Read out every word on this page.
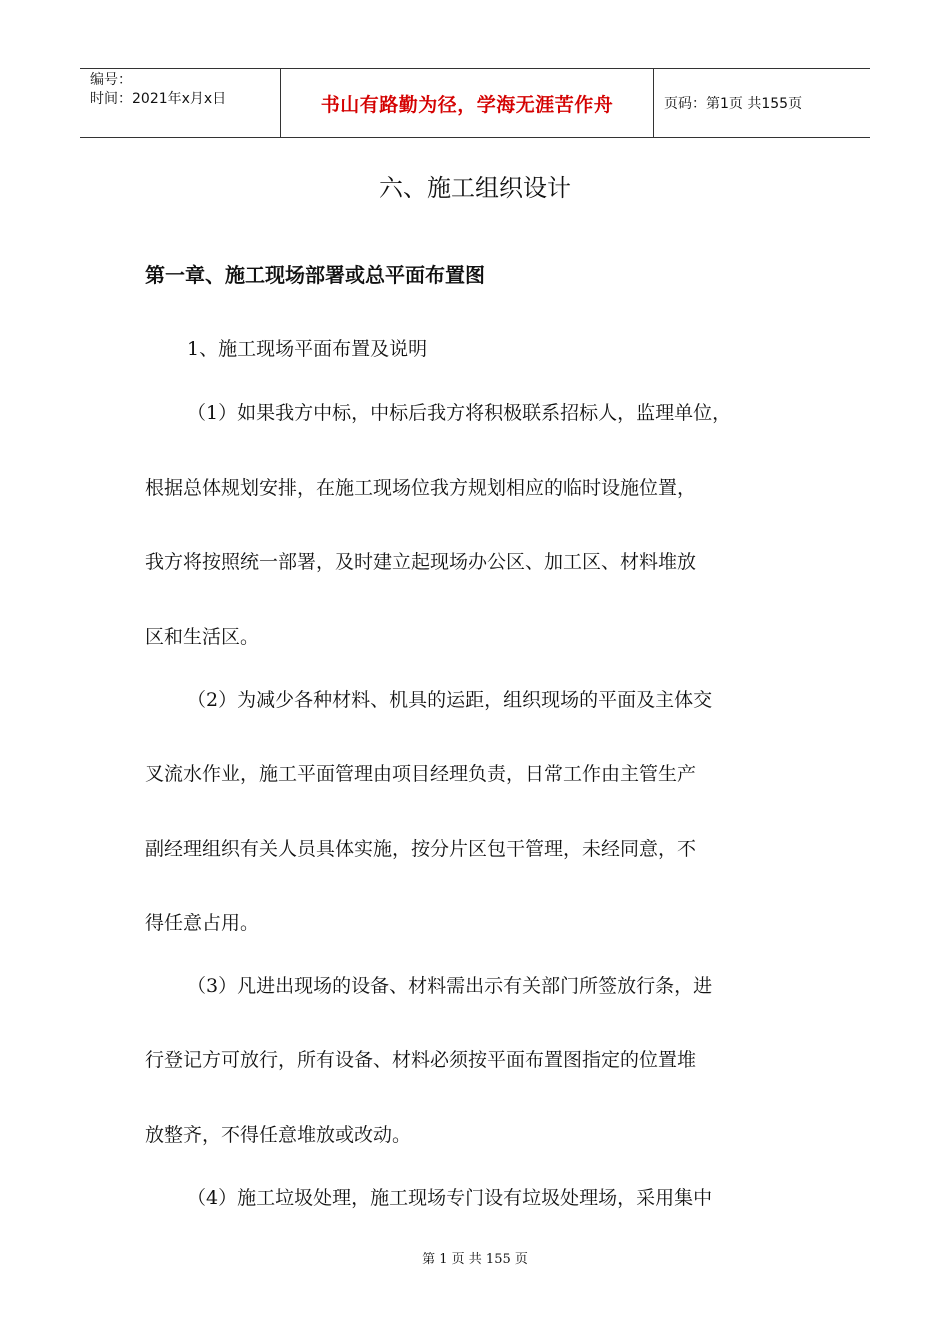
编号：
时间：2021年x月x日	书山有路勤为径，学海无涯苦作舟	页码：第1页 共155页
六、施工组织设计
第一章、施工现场部署或总平面布置图
1、施工现场平面布置及说明
（1）如果我方中标，中标后我方将积极联系招标人，监理单位，
根据总体规划安排，在施工现场位我方规划相应的临时设施位置，
我方将按照统一部署，及时建立起现场办公区、加工区、材料堆放
区和生活区。
（2）为减少各种材料、机具的运距，组织现场的平面及主体交
叉流水作业，施工平面管理由项目经理负责，日常工作由主管生产
副经理组织有关人员具体实施，按分片区包干管理，未经同意，不
得任意占用。
（3）凡进出现场的设备、材料需出示有关部门所签放行条，进
行登记方可放行，所有设备、材料必须按平面布置图指定的位置堆
放整齐，不得任意堆放或改动。
（4）施工垃圾处理，施工现场专门设有垃圾处理场，采用集中
第 1 页 共 155 页
